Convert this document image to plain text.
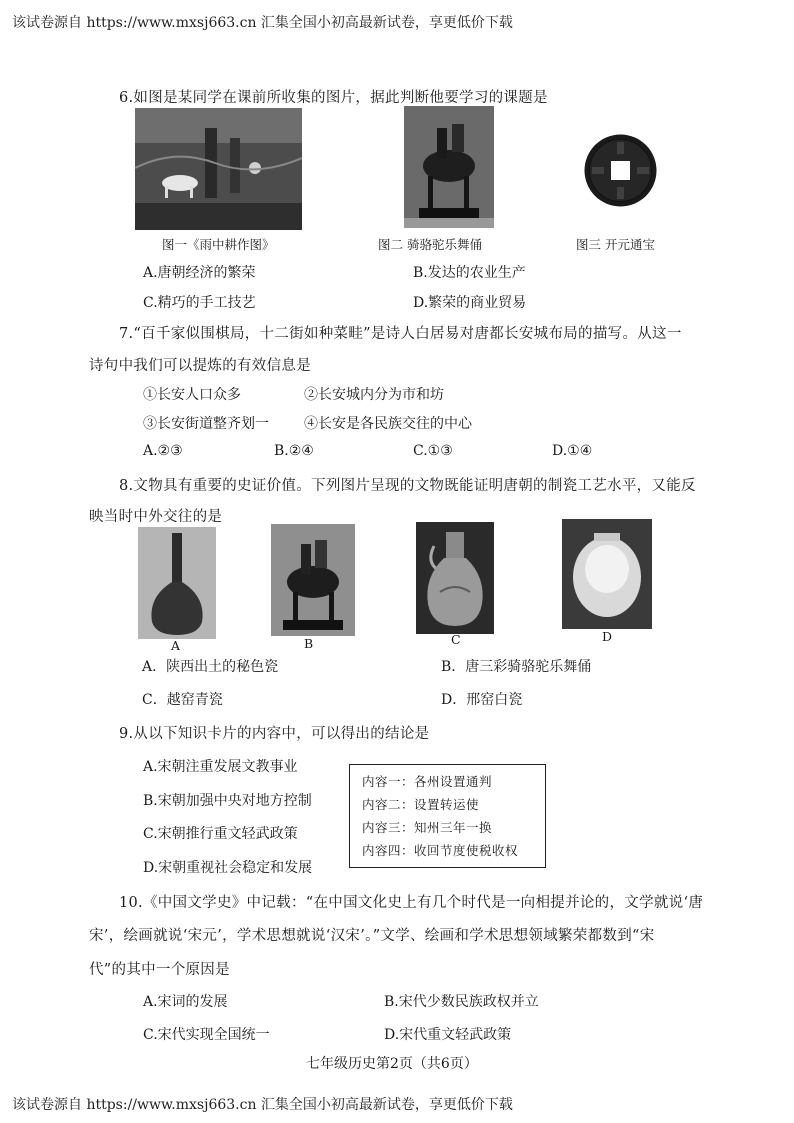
该试卷源自 https://www.mxsj663.cn 汇集全国小初高最新试卷，享更低价下载
6.如图是某同学在课前所收集的图片，据此判断他要学习的课题是
图一《雨中耕作图》	图二 骑骆驼乐舞俑	图三 开元通宝
A.唐朝经济的繁荣	B.发达的农业生产
C.精巧的手工技艺	D.繁荣的商业贸易
7.“百千家似围棋局，十二街如种菜畦”是诗人白居易对唐都长安城布局的描写。从这一
诗句中我们可以提炼的有效信息是
①长安人口众多	②长安城内分为市和坊
③长安街道整齐划一	④长安是各民族交往的中心
A.②③	B.②④	C.①③	D.①④
8.文物具有重要的史证价值。下列图片呈现的文物既能证明唐朝的制瓷工艺水平，又能反
映当时中外交往的是
A	B	C	D
A．陕西出土的秘色瓷	B．唐三彩骑骆驼乐舞俑
C．越窑青瓷	D．邢窑白瓷
9.从以下知识卡片的内容中，可以得出的结论是
A.宋朝注重发展文教事业
B.宋朝加强中央对地方控制
C.宋朝推行重文轻武政策
D.宋朝重视社会稳定和发展
内容一：各州设置通判
内容二：设置转运使
内容三：知州三年一换
内容四：收回节度使税收权
10.《中国文学史》中记载：“在中国文化史上有几个时代是一向相提并论的，文学就说‘唐
宋’，绘画就说‘宋元’，学术思想就说‘汉宋’。”文学、绘画和学术思想领域繁荣都数到“宋
代”的其中一个原因是
A.宋词的发展	B.宋代少数民族政权并立
C.宋代实现全国统一	D.宋代重文轻武政策
七年级历史第2页（共6页）
该试卷源自 https://www.mxsj663.cn 汇集全国小初高最新试卷，享更低价下载
